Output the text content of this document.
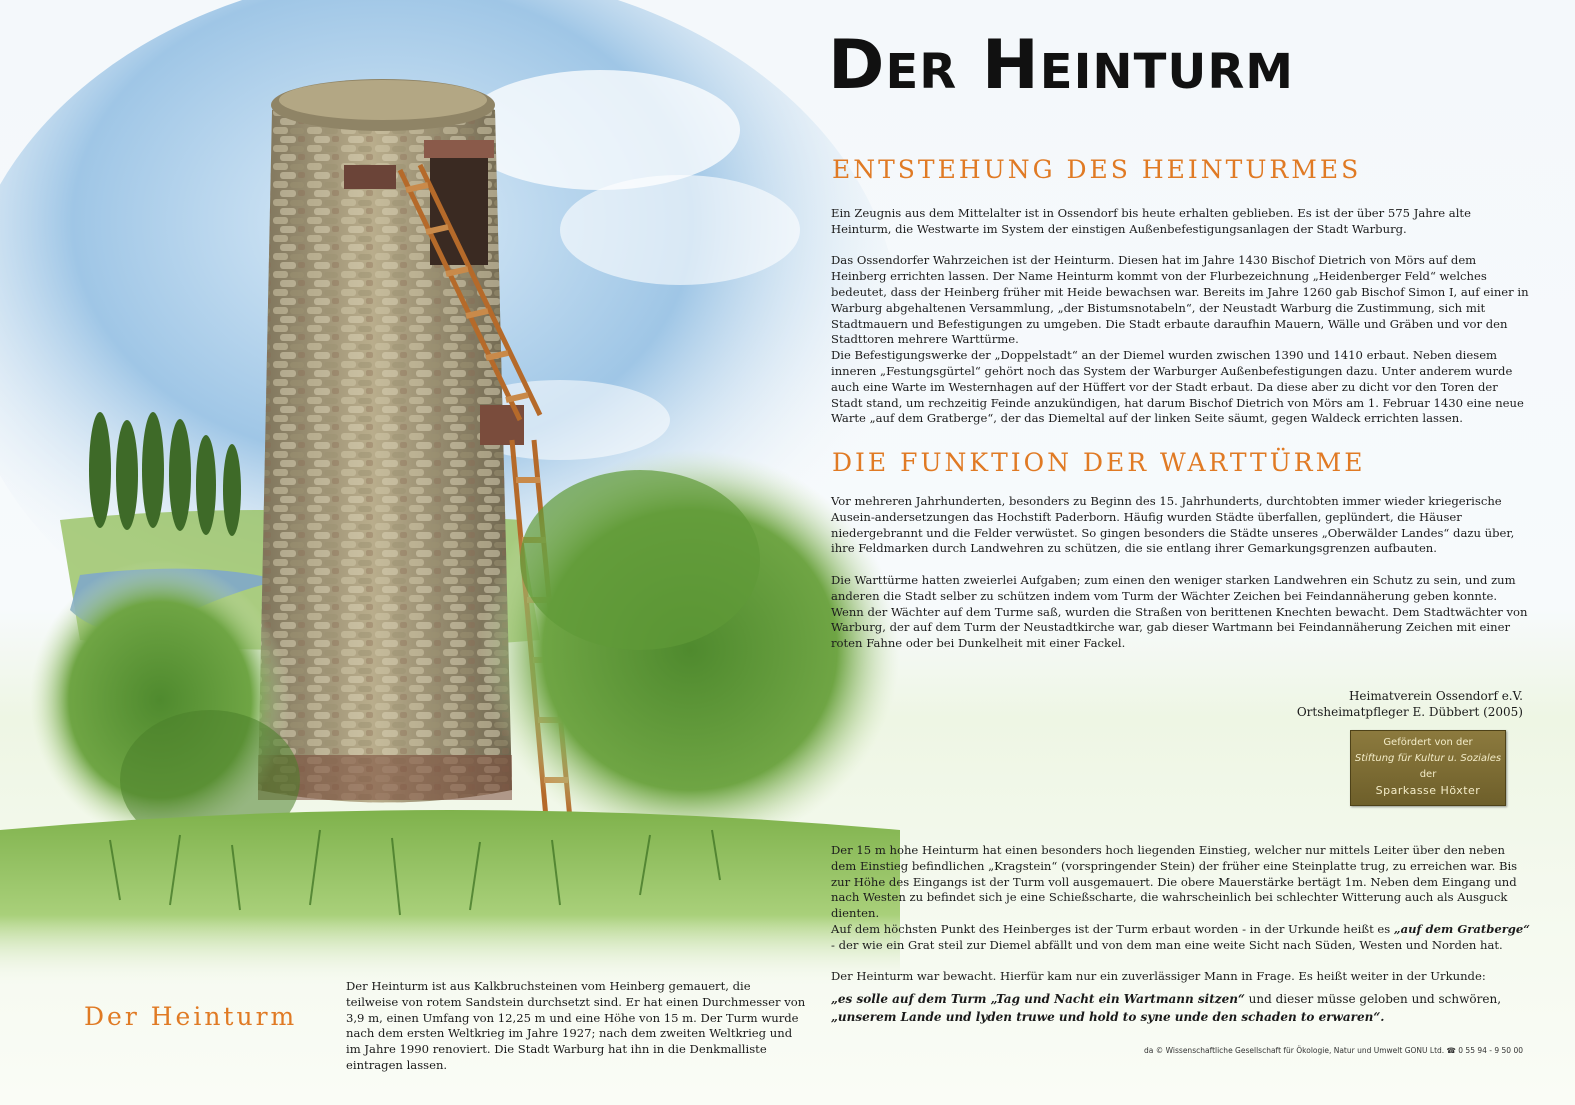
Der Heinturm
ENTSTEHUNG DES HEINTURMES

Ein Zeugnis aus dem Mittelalter ist in Ossendorf bis heute erhalten geblieben. Es ist der über 575 Jahre alte Heinturm, die Westwarte im System der einstigen Außenbefestigungsanlagen der Stadt Warburg.

Das Ossendorfer Wahrzeichen ist der Heinturm. Diesen hat im Jahre 1430 Bischof Dietrich von Mörs auf dem Heinberg errichten lassen. Der Name Heinturm kommt von der Flurbezeichnung „Heidenberger Feld“ welches bedeutet, dass der Heinberg früher mit Heide bewachsen war. Bereits im Jahre 1260 gab Bischof Simon I, auf einer in Warburg abgehaltenen Versammlung, „der Bistumsnotabeln“, der Neustadt Warburg die Zustimmung, sich mit Stadtmauern und Befestigungen zu umgeben. Die Stadt erbaute daraufhin Mauern, Wälle und Gräben und vor den Stadttoren mehrere Warttürme.

Die Befestigungswerke der „Doppelstadt“ an der Diemel wurden zwischen 1390 und 1410 erbaut. Neben diesem inneren „Festungsgürtel“ gehört noch das System der Warburger Außenbefestigungen dazu. Unter anderem wurde auch eine Warte im Westernhagen auf der Hüffert vor der Stadt erbaut. Da diese aber zu dicht vor den Toren der Stadt stand, um rechzeitig Feinde anzukündigen, hat darum Bischof Dietrich von Mörs am 1. Februar 1430 eine neue Warte „auf dem Gratberge“, der das Diemeltal auf der linken Seite säumt, gegen Waldeck errichten lassen.

DIE FUNKTION DER WARTTÜRME

Vor mehreren Jahrhunderten, besonders zu Beginn des 15. Jahrhunderts, durchtobten immer wieder kriegerische Ausein-andersetzungen das Hochstift Paderborn. Häufig wurden Städte überfallen, geplündert, die Häuser niedergebrannt und die Felder verwüstet. So gingen besonders die Städte unseres „Oberwälder Landes“ dazu über, ihre Feldmarken durch Landwehren zu schützen, die sie entlang ihrer Gemarkungsgrenzen aufbauten.

Die Warttürme hatten zweierlei Aufgaben; zum einen den weniger starken Landwehren ein Schutz zu sein, und zum anderen die Stadt selber zu schützen indem vom Turm der Wächter Zeichen bei Feindannäherung geben konnte. Wenn der Wächter auf dem Turme saß, wurden die Straßen von berittenen Knechten bewacht. Dem Stadtwächter von Warburg, der auf dem Turm der Neustadtkirche war, gab dieser Wartmann bei Feindannäherung Zeichen mit einer roten Fahne oder bei Dunkelheit mit einer Fackel.

Heimatverein Ossendorf e.V.
Ortsheimatpfleger E. Dübbert (2005)
Gefördert von der
Stiftung für Kultur u. Soziales
der
Sparkasse Höxter

Der 15 m hohe Heinturm hat einen besonders hoch liegenden Einstieg, welcher nur mittels Leiter über den neben dem Einstieg befindlichen „Kragstein“ (vorspringender Stein) der früher eine Steinplatte trug, zu erreichen war. Bis zur Höhe des Eingangs ist der Turm voll ausgemauert. Die obere Mauerstärke bertägt 1m. Neben dem Eingang und nach Westen zu befindet sich je eine Schießscharte, die wahrscheinlich bei schlechter Witterung auch als Ausguck dienten.

Auf dem höchsten Punkt des Heinberges ist der Turm erbaut worden - in der Urkunde heißt es „auf dem Gratberge“ - der wie ein Grat steil zur Diemel abfällt und von dem man eine weite Sicht nach Süden, Westen und Norden hat.

Der Heinturm war bewacht. Hierfür kam nur ein zuverlässiger Mann in Frage. Es heißt weiter in der Urkunde:

„es solle auf dem Turm „Tag und Nacht ein Wartmann sitzen“ und dieser müsse geloben und schwören, „unserem Lande und lyden truwe und hold to syne unde den schaden to erwaren“.

Der Heinturm

Der Heinturm ist aus Kalkbruchsteinen vom Heinberg gemauert, die teilweise von rotem Sandstein durchsetzt sind. Er hat einen Durchmesser von 3,9 m, einen Umfang von 12,25 m und eine Höhe von 15 m. Der Turm wurde nach dem ersten Weltkrieg im Jahre 1927; nach dem zweiten Weltkrieg und im Jahre 1990 renoviert. Die Stadt Warburg hat ihn in die Denkmalliste eintragen lassen.

da © Wissenschaftliche Gesellschaft für Ökologie, Natur und Umwelt GONU Ltd. ☎ 0 55 94 - 9 50 00
